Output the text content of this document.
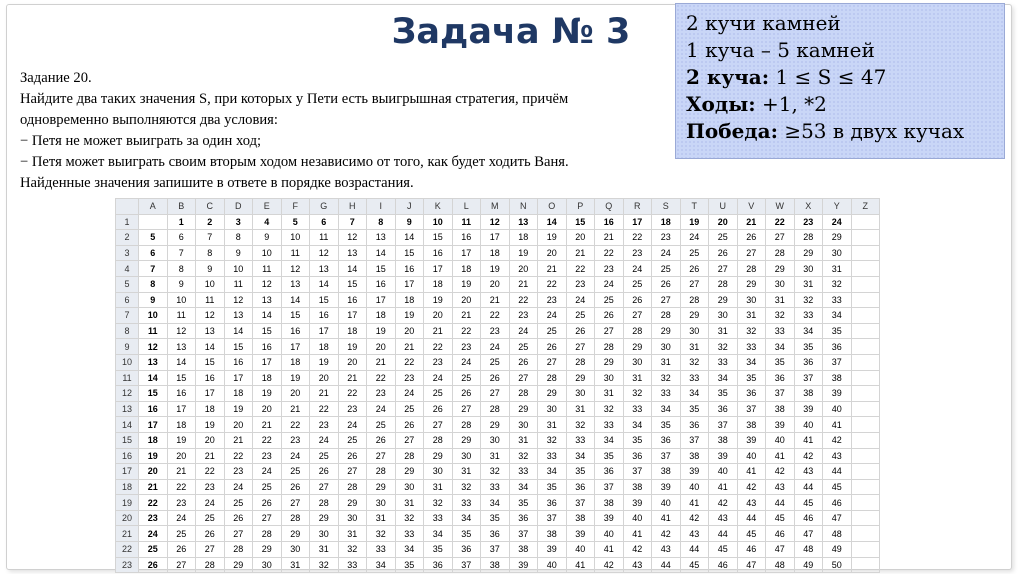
Задача № 3
Задание 20.
Найдите два таких значения S, при которых у Пети есть выигрышная стратегия, причём
одновременно выполняются два условия:
− Петя не может выиграть за один ход;
− Петя может выиграть своим вторым ходом независимо от того, как будет ходить Ваня.
Найденные значения запишите в ответе в порядке возрастания.
2 кучи камней
1 куча – 5 камней
2 куча: 1 ≤ S ≤ 47
Ходы: +1, *2
Победа: ≥53 в двух кучах
	A	B	C	D	E	F	G	H	I	J	K	L	M	N	O	P	Q	R	S	T	U	V	W	X	Y	Z
1		1	2	3	4	5	6	7	8	9	10	11	12	13	14	15	16	17	18	19	20	21	22	23	24	
2	5	6	7	8	9	10	11	12	13	14	15	16	17	18	19	20	21	22	23	24	25	26	27	28	29	
3	6	7	8	9	10	11	12	13	14	15	16	17	18	19	20	21	22	23	24	25	26	27	28	29	30	
4	7	8	9	10	11	12	13	14	15	16	17	18	19	20	21	22	23	24	25	26	27	28	29	30	31	
5	8	9	10	11	12	13	14	15	16	17	18	19	20	21	22	23	24	25	26	27	28	29	30	31	32	
6	9	10	11	12	13	14	15	16	17	18	19	20	21	22	23	24	25	26	27	28	29	30	31	32	33	
7	10	11	12	13	14	15	16	17	18	19	20	21	22	23	24	25	26	27	28	29	30	31	32	33	34	
8	11	12	13	14	15	16	17	18	19	20	21	22	23	24	25	26	27	28	29	30	31	32	33	34	35	
9	12	13	14	15	16	17	18	19	20	21	22	23	24	25	26	27	28	29	30	31	32	33	34	35	36	
10	13	14	15	16	17	18	19	20	21	22	23	24	25	26	27	28	29	30	31	32	33	34	35	36	37	
11	14	15	16	17	18	19	20	21	22	23	24	25	26	27	28	29	30	31	32	33	34	35	36	37	38	
12	15	16	17	18	19	20	21	22	23	24	25	26	27	28	29	30	31	32	33	34	35	36	37	38	39	
13	16	17	18	19	20	21	22	23	24	25	26	27	28	29	30	31	32	33	34	35	36	37	38	39	40	
14	17	18	19	20	21	22	23	24	25	26	27	28	29	30	31	32	33	34	35	36	37	38	39	40	41	
15	18	19	20	21	22	23	24	25	26	27	28	29	30	31	32	33	34	35	36	37	38	39	40	41	42	
16	19	20	21	22	23	24	25	26	27	28	29	30	31	32	33	34	35	36	37	38	39	40	41	42	43	
17	20	21	22	23	24	25	26	27	28	29	30	31	32	33	34	35	36	37	38	39	40	41	42	43	44	
18	21	22	23	24	25	26	27	28	29	30	31	32	33	34	35	36	37	38	39	40	41	42	43	44	45	
19	22	23	24	25	26	27	28	29	30	31	32	33	34	35	36	37	38	39	40	41	42	43	44	45	46	
20	23	24	25	26	27	28	29	30	31	32	33	34	35	36	37	38	39	40	41	42	43	44	45	46	47	
21	24	25	26	27	28	29	30	31	32	33	34	35	36	37	38	39	40	41	42	43	44	45	46	47	48	
22	25	26	27	28	29	30	31	32	33	34	35	36	37	38	39	40	41	42	43	44	45	46	47	48	49	
23	26	27	28	29	30	31	32	33	34	35	36	37	38	39	40	41	42	43	44	45	46	47	48	49	50	
